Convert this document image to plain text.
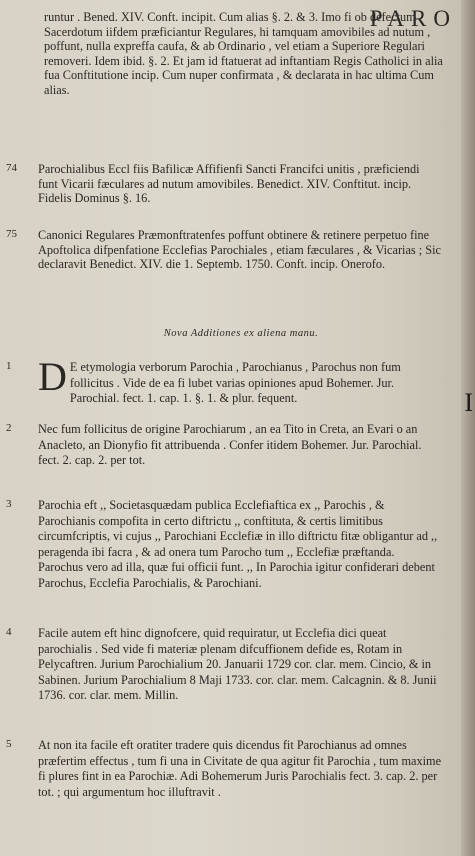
PARO

runtur . Bened. XIV. Conft. incipit. Cum alias §. 2. & 3. Imo fi ob defectum Sacerdotum iifdem præficiantur Regulares, hi tamquam amovibiles ad nutum , poffunt, nulla expreffa caufa, & ab Ordinario , vel etiam a Superiore Regulari removeri. Idem ibid. §. 2. Et jam id ftatuerat ad inftantiam Regis Catholici in alia fua Conftitutione incip. Cum nuper confirmata , & declarata in hac ultima Cum alias.

74	Parochialibus Eccl fiis Bafilicæ Affifienfi Sancti Francifci unitis , præficiendi funt Vicarii fæculares ad nutum amovibiles. Benedict. XIV. Conftitut. incip. Fidelis Dominus §. 16.

75	Canonici Regulares Præmonftratenfes poffunt obtinere & retinere perpetuo fine Apoftolica difpenfatione Ecclefias Parochiales , etiam fæculares , & Vicarias ; Sic declaravit Benedict. XIV. die 1. Septemb. 1750. Conft. incip. Onerofo.

Nova Additiones ex aliena manu.
1 D E etymologia verborum Parochia , Parochianus , Parochus non fum follicitus . Vide de ea fi lubet varias opiniones apud Bohemer. Jur. Parochial. fect. 1. cap. 1. §. 1. & plur. fequent.

2	Nec fum follicitus de origine Parochiarum , an ea Tito in Creta, an Evari o an Anacleto, an Dionyfio fit attribuenda . Confer itidem Bohemer. Jur. Parochial. fect. 2. cap. 2. per tot.

3	Parochia eft ,, Societasquædam publica Ecclefiaftica ex ,, Parochis , & Parochianis compofita in certo diftrictu ,, conftituta, & certis limitibus circumfcriptis, vi cujus ,, Parochiani Ecclefiæ in illo diftrictu fitæ obligantur ad ,, peragenda ibi facra , & ad onera tum Parocho tum ,, Ecclefiæ præftanda. Parochus vero ad illa, quæ fui officii funt. ,, In Parochia igitur confiderari debent Parochus, Ecclefia Parochialis, & Parochiani.

4	Facile autem eft hinc dignofcere, quid requiratur, ut Ecclefia dici queat parochialis . Sed vide fi materiæ plenam difcuffionem defide es, Rotam in Pelycaftren. Jurium Parochialium 20. Januarii 1729 cor. clar. mem. Cincio, & in Sabinen. Jurium Parochialium 8 Maji 1733. cor. clar. mem. Calcagnin. & 8. Junii 1736. cor. clar. mem. Millin.

5	At non ita facile eft oratiter tradere quis dicendus fit Parochianus ad omnes præfertim effectus , tum fi una in Civitate de qua agitur fit Parochia , tum maxime fi plures fint in ea Parochiæ. Adi Bohemerum Juris Parochialis fect. 3. cap. 2. per tot. ; qui argumentum hoc illuftravit .

I
